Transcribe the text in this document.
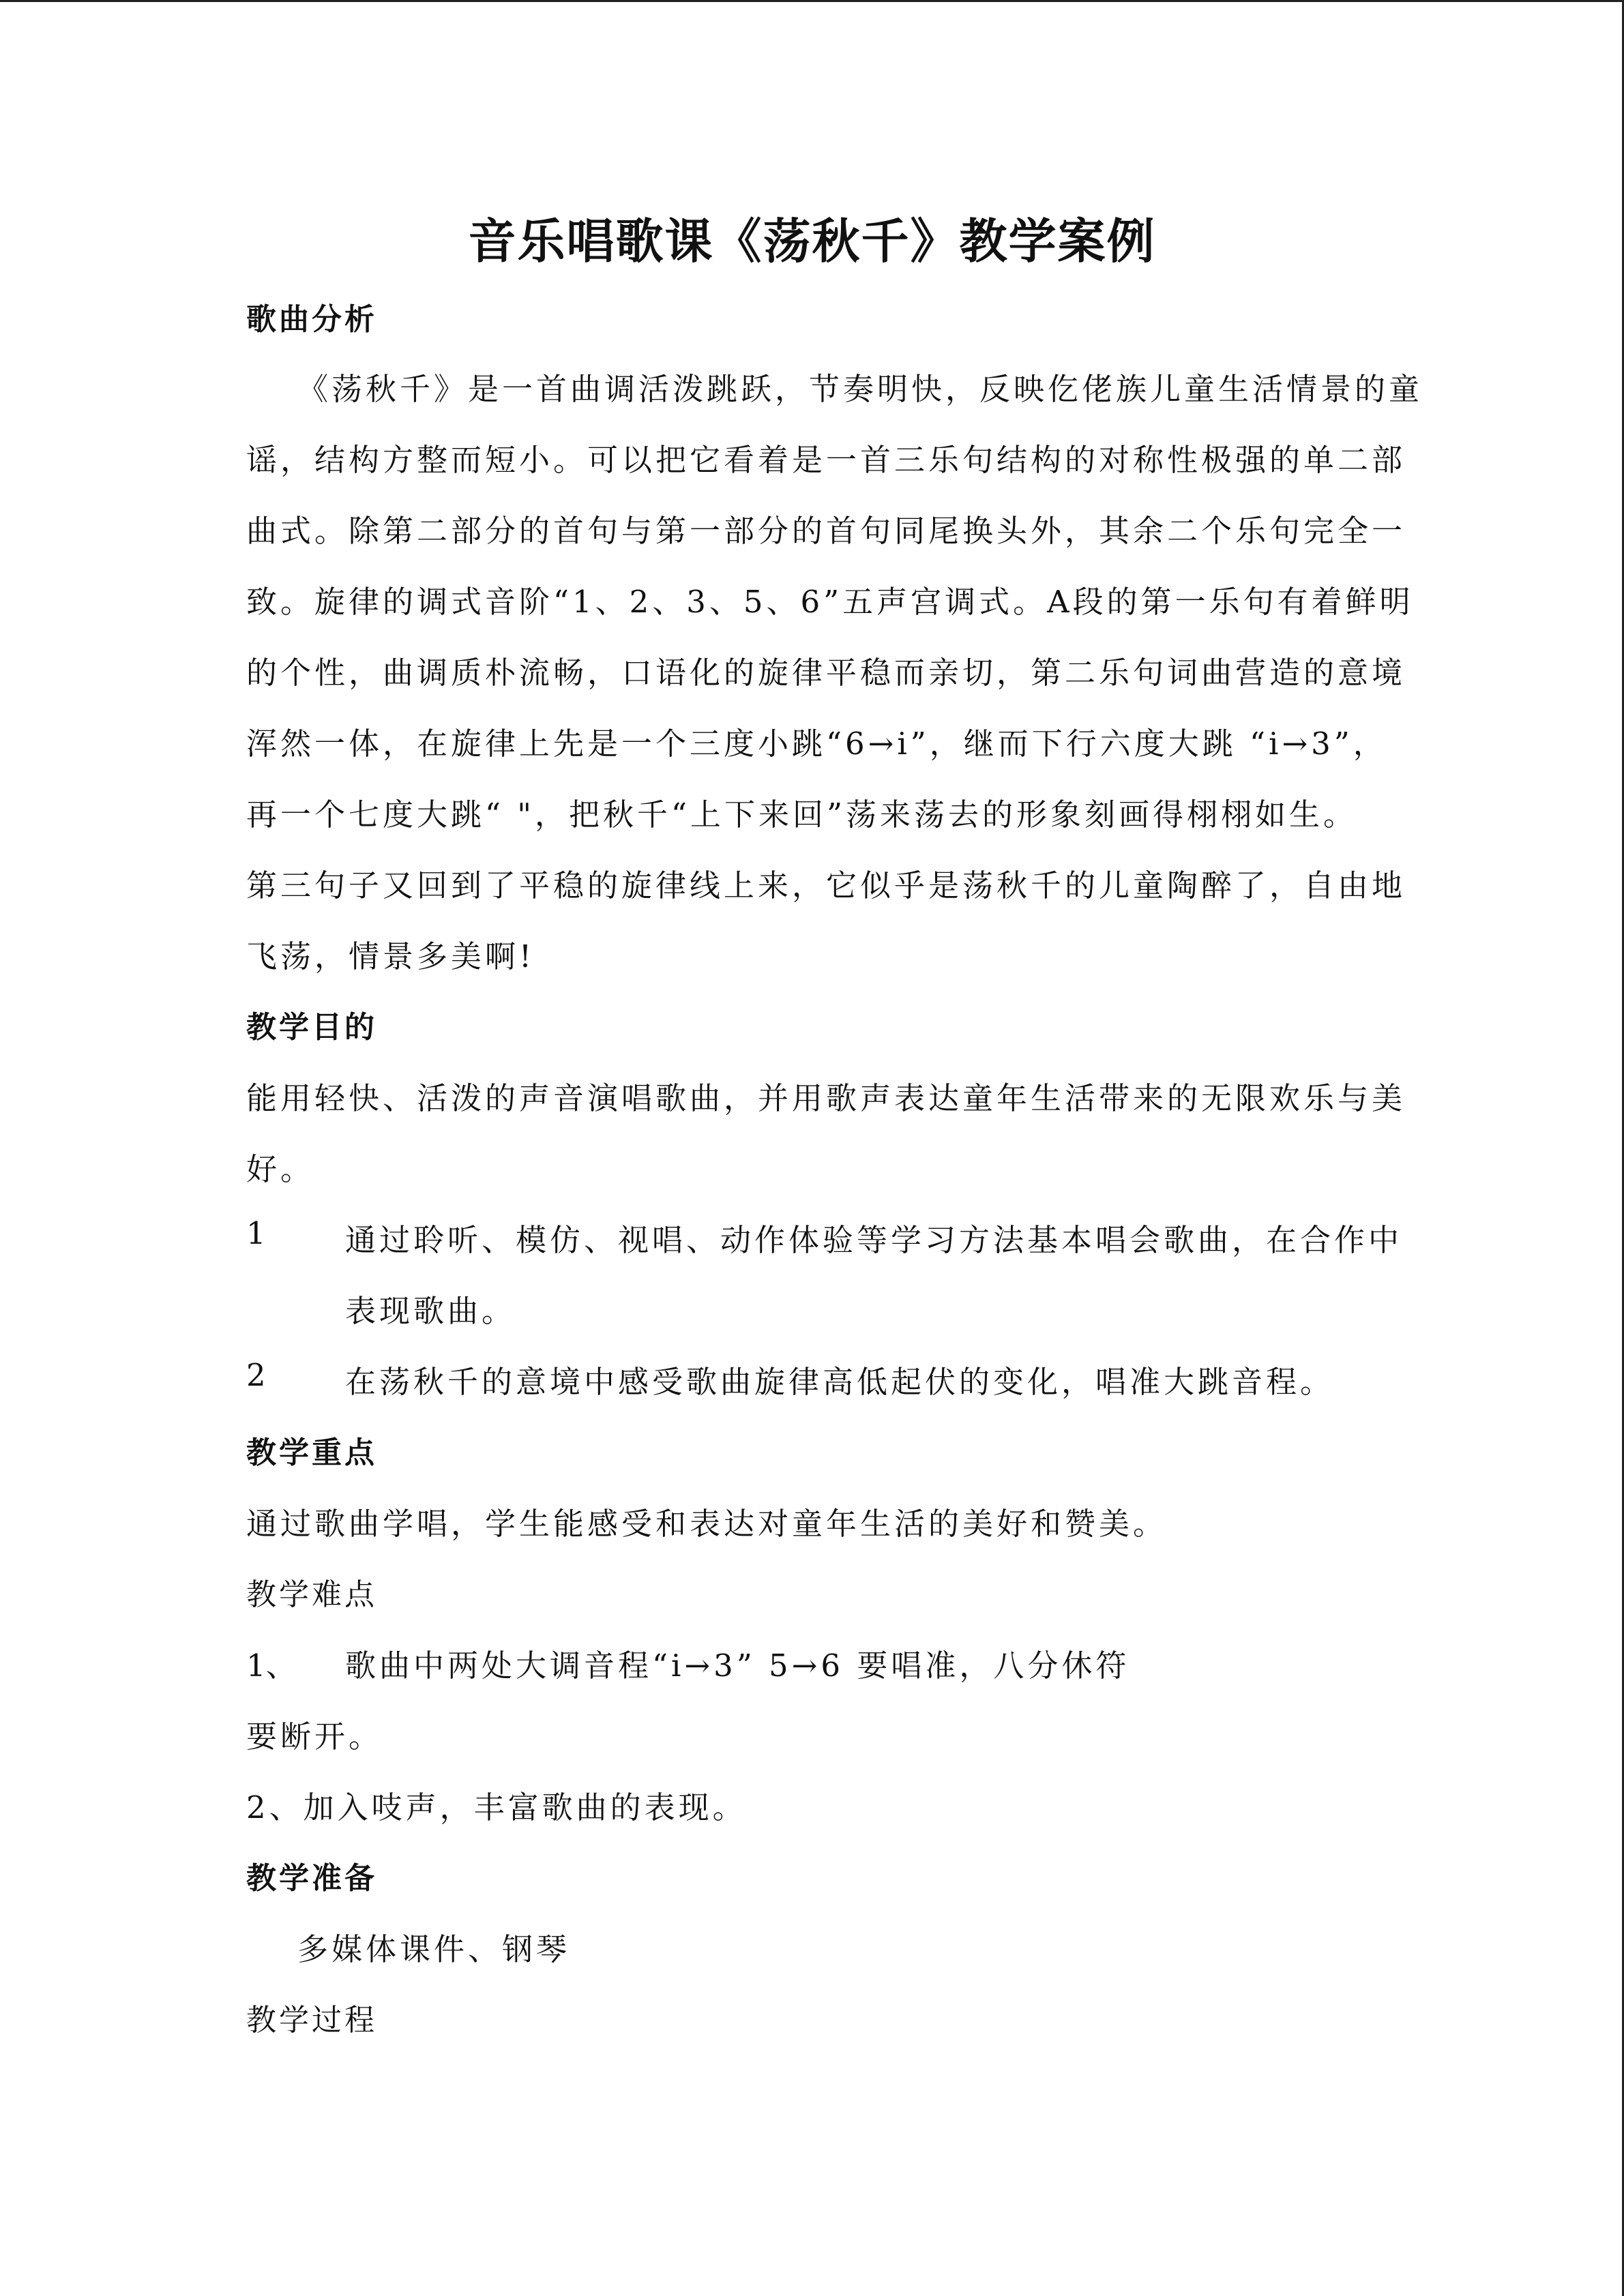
音乐唱歌课《荡秋千》教学案例
歌曲分析
《荡秋千》是一首曲调活泼跳跃，节奏明快，反映仡佬族儿童生活情景的童
谣，结构方整而短小。可以把它看着是一首三乐句结构的对称性极强的单二部
曲式。除第二部分的首句与第一部分的首句同尾换头外，其余二个乐句完全一
致。旋律的调式音阶“1、2、3、5、6”五声宫调式。A段的第一乐句有着鲜明
的个性，曲调质朴流畅，口语化的旋律平稳而亲切，第二乐句词曲营造的意境
浑然一体，在旋律上先是一个三度小跳“6→i”，继而下行六度大跳 “i→3”，
再一个七度大跳“ "，把秋千“上下来回”荡来荡去的形象刻画得栩栩如生。
第三句子又回到了平稳的旋律线上来，它似乎是荡秋千的儿童陶醉了，自由地
飞荡，情景多美啊!
教学目的
能用轻快、活泼的声音演唱歌曲，并用歌声表达童年生活带来的无限欢乐与美
好。
1	通过聆听、模仿、视唱、动作体验等学习方法基本唱会歌曲，在合作中
表现歌曲。
2	在荡秋千的意境中感受歌曲旋律高低起伏的变化，唱准大跳音程。
教学重点
通过歌曲学唱，学生能感受和表达对童年生活的美好和赞美。
教学难点
1、 歌曲中两处大调音程“i→3” 5→6 要唱准，八分休符
要断开。
2、加入吱声，丰富歌曲的表现。
教学准备
多媒体课件、钢琴
教学过程
